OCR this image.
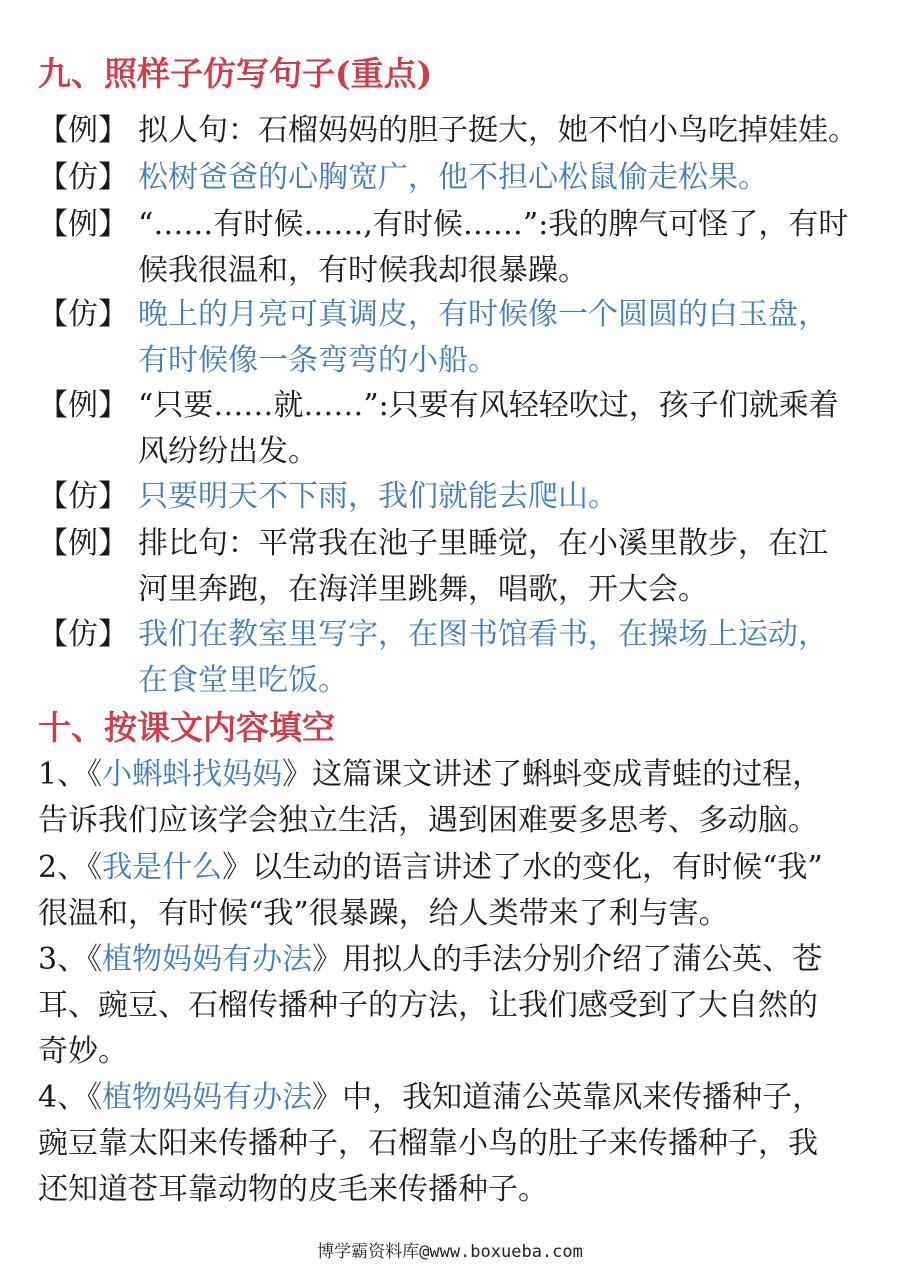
九、照样子仿写句子(重点)
【例】 拟人句：石榴妈妈的胆子挺大，她不怕小鸟吃掉娃娃。
【仿】 松树爸爸的心胸宽广，他不担心松鼠偷走松果。
【例】 “……有时候……,有时候……”:我的脾气可怪了，有时
候我很温和，有时候我却很暴躁。
【仿】 晚上的月亮可真调皮，有时候像一个圆圆的白玉盘，
有时候像一条弯弯的小船。
【例】 “只要……就……”:只要有风轻轻吹过，孩子们就乘着
风纷纷出发。
【仿】 只要明天不下雨，我们就能去爬山。
【例】 排比句：平常我在池子里睡觉，在小溪里散步，在江
河里奔跑，在海洋里跳舞，唱歌，开大会。
【仿】 我们在教室里写字，在图书馆看书，在操场上运动，
在食堂里吃饭。
十、按课文内容填空
1、《小蝌蚪找妈妈》这篇课文讲述了蝌蚪变成青蛙的过程，
告诉我们应该学会独立生活，遇到困难要多思考、多动脑。
2、《我是什么》以生动的语言讲述了水的变化，有时候“我”
很温和，有时候“我”很暴躁，给人类带来了利与害。
3、《植物妈妈有办法》用拟人的手法分别介绍了蒲公英、苍
耳、豌豆、石榴传播种子的方法，让我们感受到了大自然的
奇妙。
4、《植物妈妈有办法》中，我知道蒲公英靠风来传播种子，
豌豆靠太阳来传播种子，石榴靠小鸟的肚子来传播种子，我
还知道苍耳靠动物的皮毛来传播种子。
博学霸资料库@www.boxueba.com
